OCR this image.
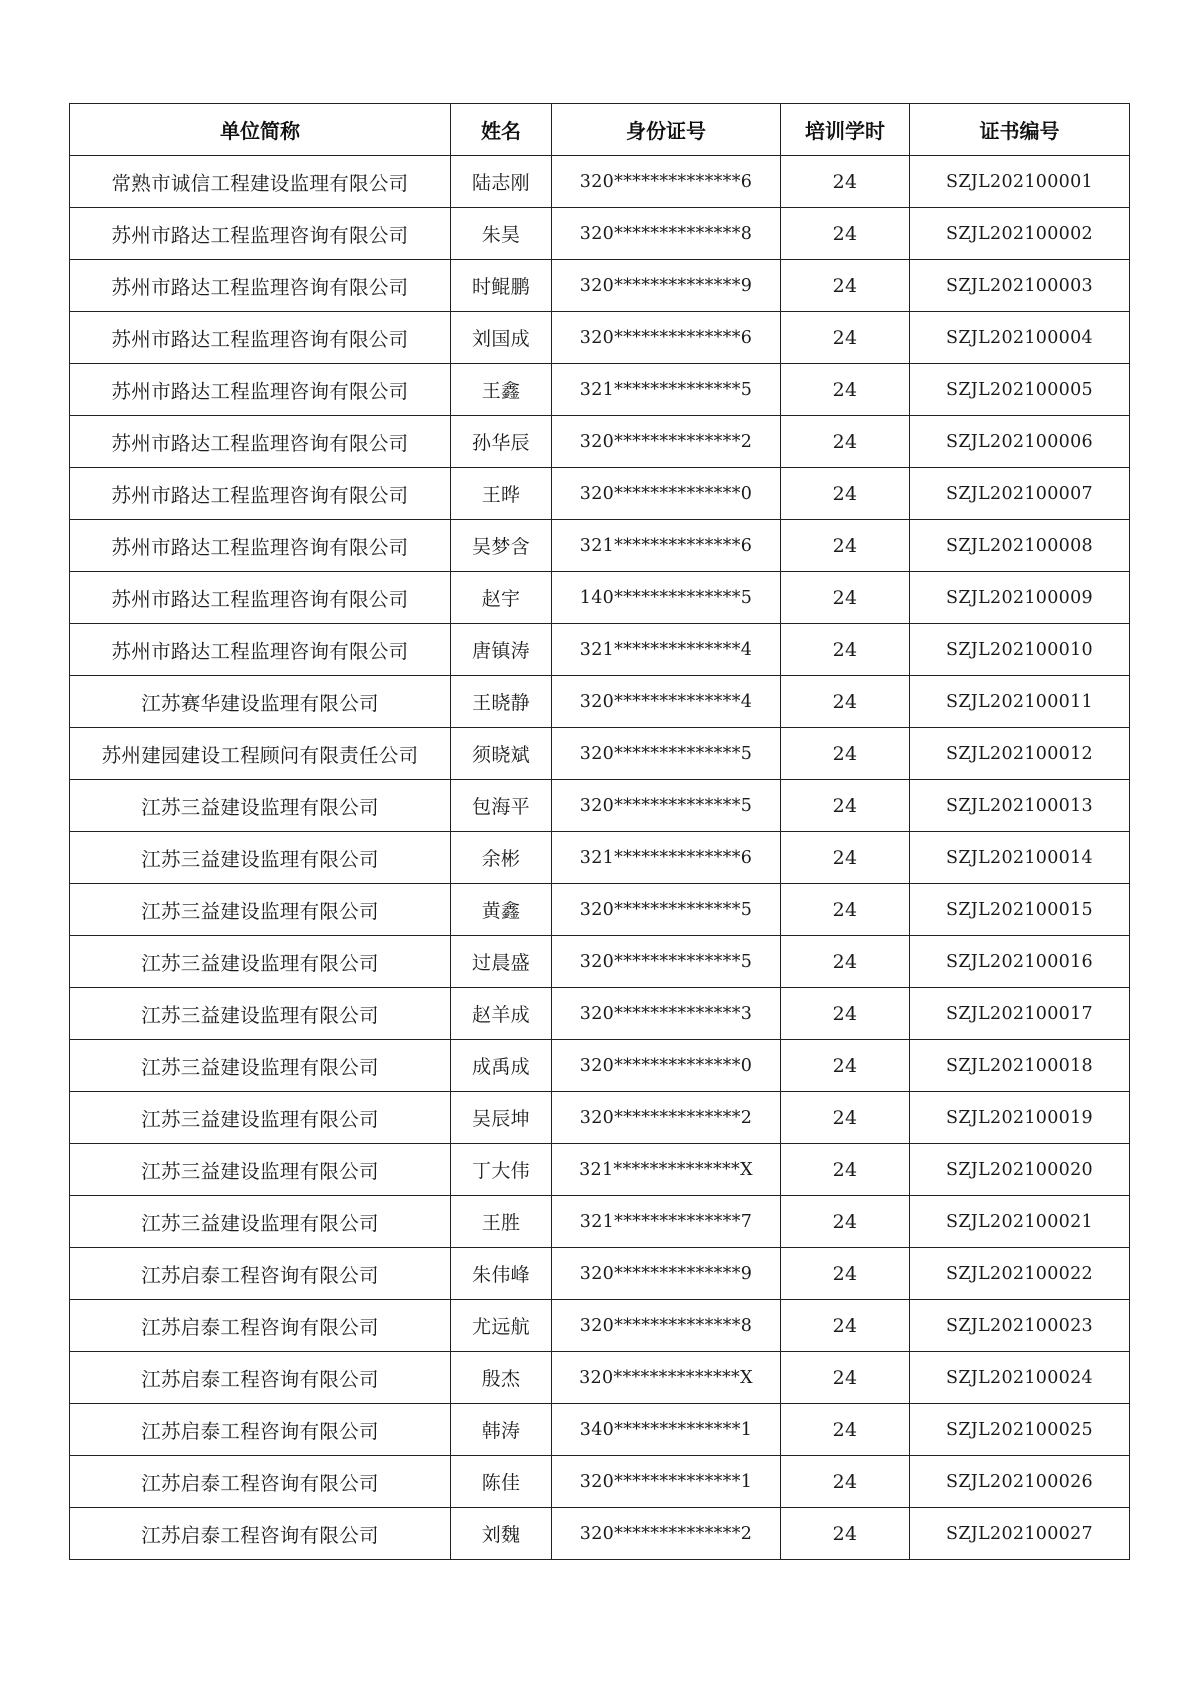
单位简称	姓名	身份证号	培训学时	证书编号
常熟市诚信工程建设监理有限公司	陆志刚	320**************6	24	SZJL202100001
苏州市路达工程监理咨询有限公司	朱昊	320**************8	24	SZJL202100002
苏州市路达工程监理咨询有限公司	时鲲鹏	320**************9	24	SZJL202100003
苏州市路达工程监理咨询有限公司	刘国成	320**************6	24	SZJL202100004
苏州市路达工程监理咨询有限公司	王鑫	321**************5	24	SZJL202100005
苏州市路达工程监理咨询有限公司	孙华辰	320**************2	24	SZJL202100006
苏州市路达工程监理咨询有限公司	王晔	320**************0	24	SZJL202100007
苏州市路达工程监理咨询有限公司	吴梦含	321**************6	24	SZJL202100008
苏州市路达工程监理咨询有限公司	赵宇	140**************5	24	SZJL202100009
苏州市路达工程监理咨询有限公司	唐镇涛	321**************4	24	SZJL202100010
江苏赛华建设监理有限公司	王晓静	320**************4	24	SZJL202100011
苏州建园建设工程顾问有限责任公司	须晓斌	320**************5	24	SZJL202100012
江苏三益建设监理有限公司	包海平	320**************5	24	SZJL202100013
江苏三益建设监理有限公司	余彬	321**************6	24	SZJL202100014
江苏三益建设监理有限公司	黄鑫	320**************5	24	SZJL202100015
江苏三益建设监理有限公司	过晨盛	320**************5	24	SZJL202100016
江苏三益建设监理有限公司	赵羊成	320**************3	24	SZJL202100017
江苏三益建设监理有限公司	成禹成	320**************0	24	SZJL202100018
江苏三益建设监理有限公司	吴辰坤	320**************2	24	SZJL202100019
江苏三益建设监理有限公司	丁大伟	321**************X	24	SZJL202100020
江苏三益建设监理有限公司	王胜	321**************7	24	SZJL202100021
江苏启泰工程咨询有限公司	朱伟峰	320**************9	24	SZJL202100022
江苏启泰工程咨询有限公司	尤远航	320**************8	24	SZJL202100023
江苏启泰工程咨询有限公司	殷杰	320**************X	24	SZJL202100024
江苏启泰工程咨询有限公司	韩涛	340**************1	24	SZJL202100025
江苏启泰工程咨询有限公司	陈佳	320**************1	24	SZJL202100026
江苏启泰工程咨询有限公司	刘魏	320**************2	24	SZJL202100027
